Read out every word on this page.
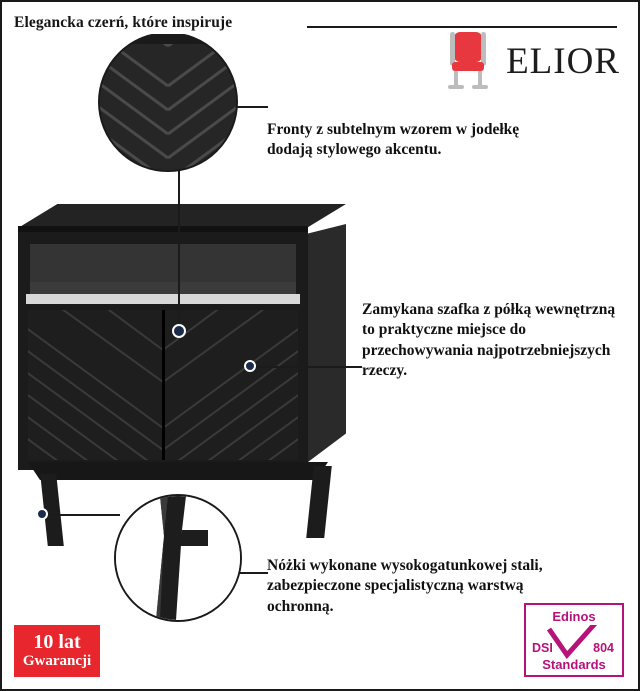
Elegancka czerń, które inspiruje
ELIOR
Fronty z subtelnym wzorem w jodełkę dodają stylowego akcentu.
Zamykana szafka z półką wewnętrzną to praktyczne miejsce do przechowywania najpotrzebniejszych rzeczy.
Nóżki wykonane wysokogatunkowej stali, zabezpieczone specjalistyczną warstwą ochronną.
10 lat
Gwarancji
Edinos
DSI	804
Standards
